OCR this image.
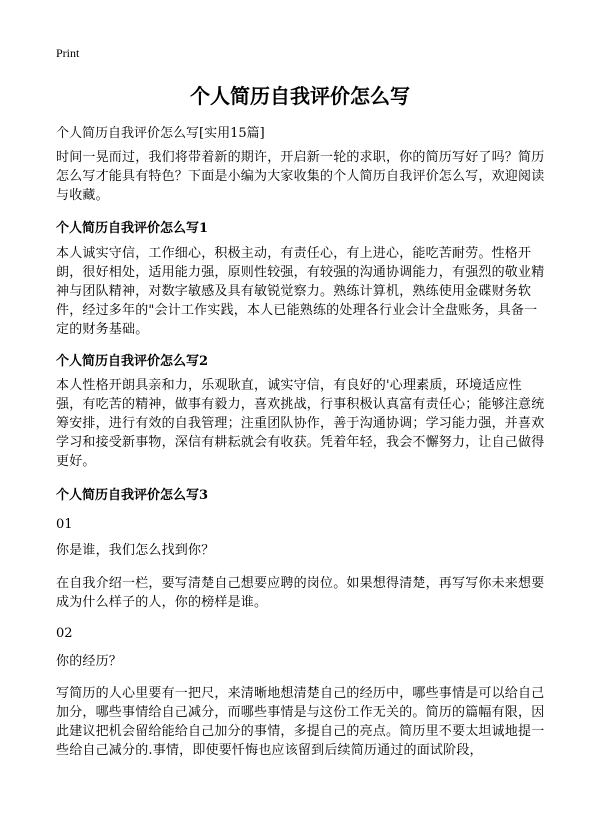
Print
个人简历自我评价怎么写
个人简历自我评价怎么写[实用15篇]
时间一晃而过，我们将带着新的期许，开启新一轮的求职，你的简历写好了吗？简历怎么写才能具有特色？下面是小编为大家收集的个人简历自我评价怎么写，欢迎阅读与收藏。
个人简历自我评价怎么写1
本人诚实守信，工作细心，积极主动，有责任心，有上进心，能吃苦耐劳。性格开朗，很好相处，适用能力强，原则性较强，有较强的沟通协调能力，有强烈的敬业精神与团队精神，对数字敏感及具有敏锐觉察力。熟练计算机，熟练使用金碟财务软件，经过多年的"会计工作实践，本人已能熟练的处理各行业会计全盘账务，具备一定的财务基础。
个人简历自我评价怎么写2
本人性格开朗具亲和力，乐观耿直，诚实守信，有良好的'心理素质，环境适应性强，有吃苦的精神，做事有毅力，喜欢挑战，行事积极认真富有责任心；能够注意统筹安排，进行有效的自我管理；注重团队协作，善于沟通协调；学习能力强，并喜欢学习和接受新事物，深信有耕耘就会有收获。凭着年轻，我会不懈努力，让自己做得更好。
个人简历自我评价怎么写3
01
你是谁，我们怎么找到你？
在自我介绍一栏，要写清楚自己想要应聘的岗位。如果想得清楚，再写写你未来想要成为什么样子的人，你的榜样是谁。
02
你的经历？
写简历的人心里要有一把尺，来清晰地想清楚自己的经历中，哪些事情是可以给自己加分，哪些事情给自己减分，而哪些事情是与这份工作无关的。简历的篇幅有限，因此建议把机会留给能给自己加分的事情，多提自己的亮点。简历里不要太坦诚地提一些给自己减分的.事情，即使要忏悔也应该留到后续简历通过的面试阶段，
